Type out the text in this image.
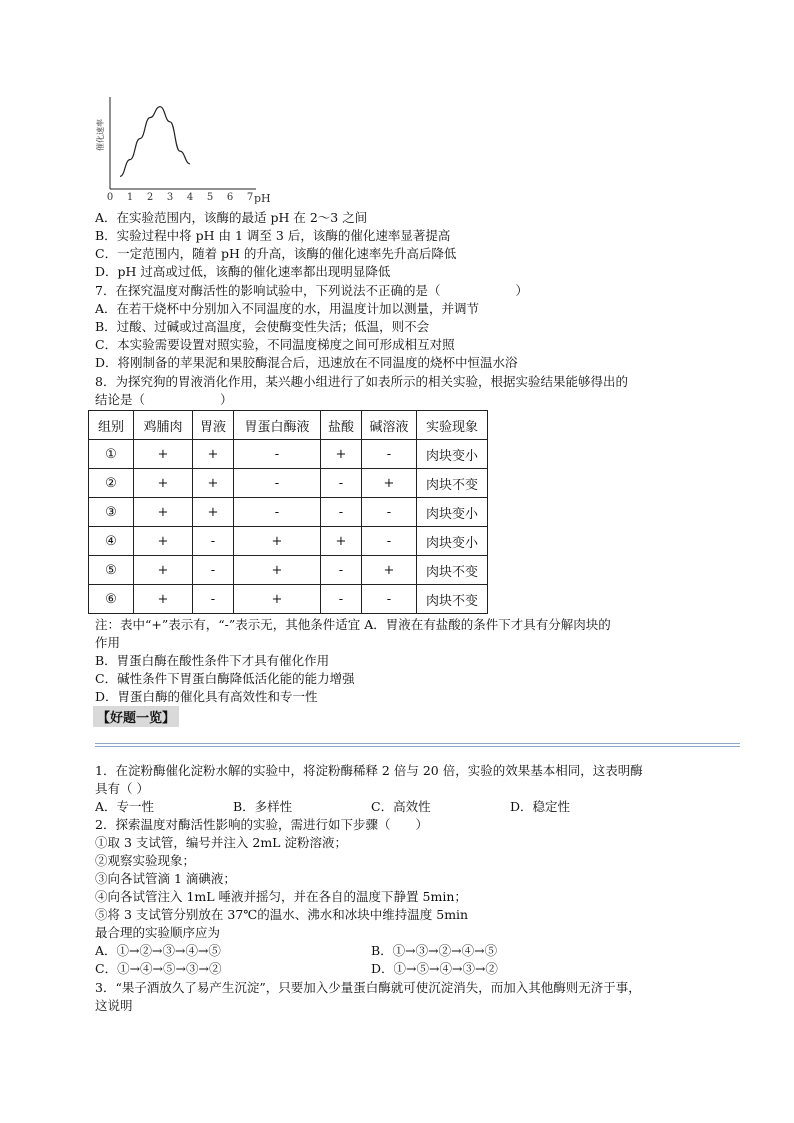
0 1 2 3 4 5 6 7 pH
催化速率
A．在实验范围内，该酶的最适 pH 在 2～3 之间
B．实验过程中将 pH 由 1 调至 3 后，该酶的催化速率显著提高
C．一定范围内，随着 pH 的升高，该酶的催化速率先升高后降低
D．pH 过高或过低，该酶的催化速率都出现明显降低
7．在探究温度对酶活性的影响试验中，下列说法不正确的是（　　　　　　）
A．在若干烧杯中分别加入不同温度的水，用温度计加以测量，并调节
B．过酸、过碱或过高温度，会使酶变性失活；低温，则不会
C．本实验需要设置对照实验，不同温度梯度之间可形成相互对照
D．将刚制备的苹果泥和果胶酶混合后，迅速放在不同温度的烧杯中恒温水浴
8．为探究狗的胃液消化作用，某兴趣小组进行了如表所示的相关实验，根据实验结果能够得出的
结论是（　　　　　　）
组别	鸡脯肉	胃液	胃蛋白酶液	盐酸	碱溶液	实验现象
①	+	+	-	+	-	肉块变小
②	+	+	-	-	+	肉块不变
③	+	+	-	-	-	肉块变小
④	+	-	+	+	-	肉块变小
⑤	+	-	+	-	+	肉块不变
⑥	+	-	+	-	-	肉块不变
注：表中“+”表示有，“-”表示无，其他条件适宜 A．胃液在有盐酸的条件下才具有分解肉块的
作用
B．胃蛋白酶在酸性条件下才具有催化作用
C．碱性条件下胃蛋白酶降低活化能的能力增强
D．胃蛋白酶的催化具有高效性和专一性
【好题一览】
1．在淀粉酶催化淀粉水解的实验中，将淀粉酶稀释 2 倍与 20 倍，实验的效果基本相同，这表明酶
具有（ ）
A．专一性	B．多样性	C．高效性	D．稳定性
2．探索温度对酶活性影响的实验，需进行如下步骤（　　）
①取 3 支试管，编号并注入 2mL 淀粉溶液；
②观察实验现象；
③向各试管滴 1 滴碘液；
④向各试管注入 1mL 唾液并摇匀，并在各自的温度下静置 5min；
⑤将 3 支试管分别放在 37℃的温水、沸水和冰块中维持温度 5min
最合理的实验顺序应为
A．①→②→③→④→⑤	B．①→③→②→④→⑤
C．①→④→⑤→③→②	D．①→⑤→④→③→②
3．“果子酒放久了易产生沉淀”，只要加入少量蛋白酶就可使沉淀消失，而加入其他酶则无济于事，
这说明
